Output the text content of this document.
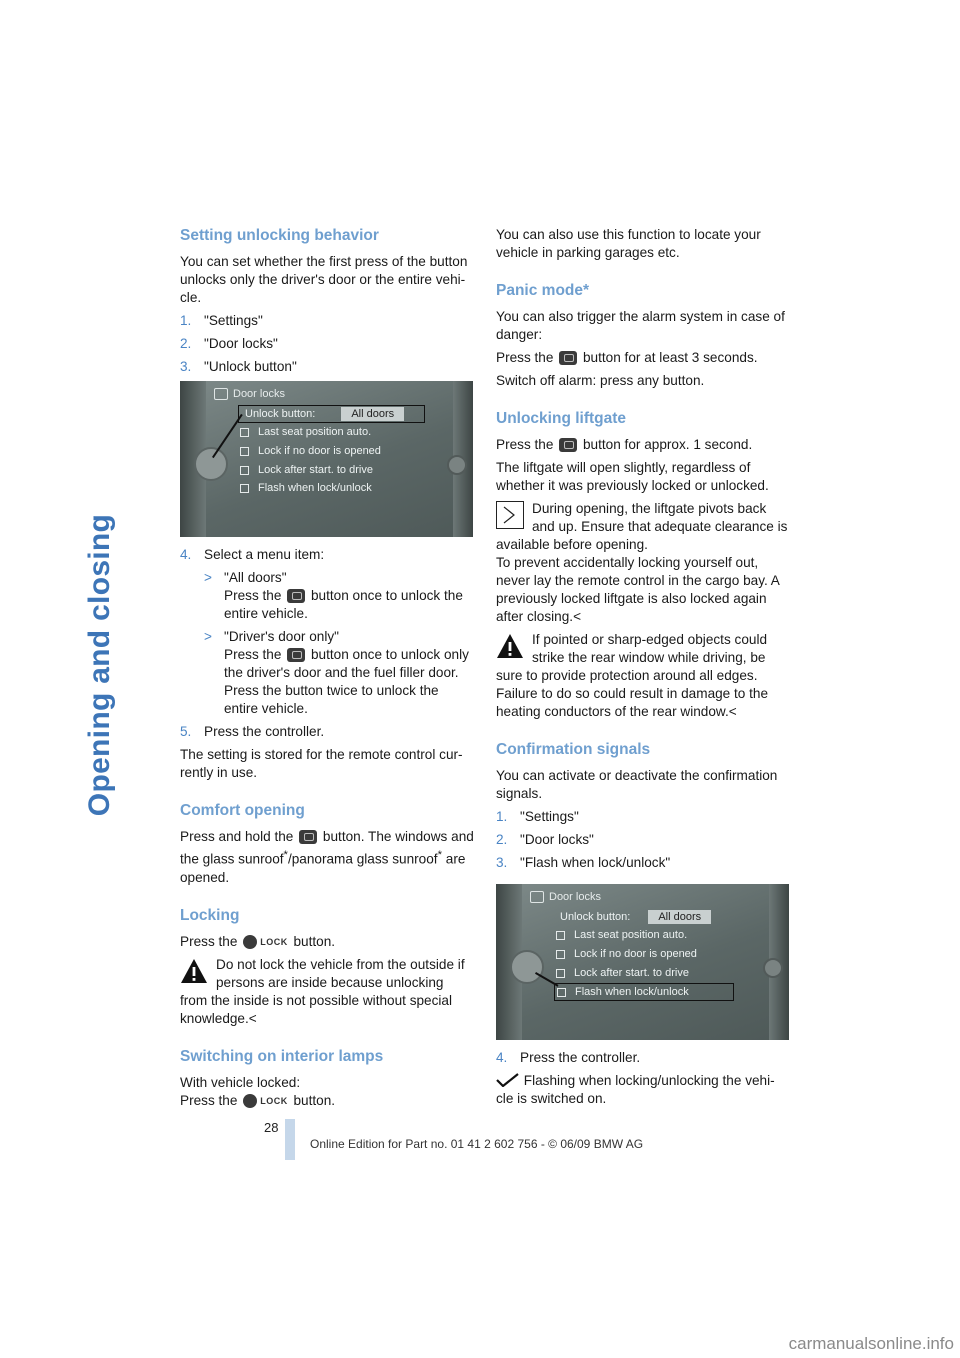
Opening and closing
Setting unlocking behavior

You can set whether the first press of the button unlocks only the driver's door or the entire vehi-cle.

1. "Settings"
2. "Door locks"
3. "Unlock button"
Door locks
Unlock button:	All doors
Last seat position auto.
Lock if no door is opened
Lock after start. to drive
Flash when lock/unlock
4. Select a menu item:
> "All doors"
Press the button once to unlock the entire vehicle.
> "Driver's door only"
Press the button once to unlock only the driver's door and the fuel filler door. Press the button twice to unlock the entire vehicle.
5. Press the controller.

The setting is stored for the remote control cur-rently in use.

Comfort opening

Press and hold the button. The windows and the glass sunroof*/panorama glass sunroof* are opened.

Locking

Press the	LOCK button.

Do not lock the vehicle from the outside if persons are inside because unlocking
from the inside is not possible without special knowledge.<
Switching on interior lamps

With vehicle locked:
Press the	LOCK button.

You can also use this function to locate your vehicle in parking garages etc.

Panic mode*

You can also trigger the alarm system in case of danger:

Press the button for at least 3 seconds.

Switch off alarm: press any button.

Unlocking liftgate

Press the button for approx. 1 second.

The liftgate will open slightly, regardless of whether it was previously locked or unlocked.

During opening, the liftgate pivots back and up. Ensure that adequate clearance is
available before opening.
To prevent accidentally locking yourself out, never lay the remote control in the cargo bay. A previously locked liftgate is also locked again after closing.<
If pointed or sharp-edged objects could strike the rear window while driving, be
sure to provide protection around all edges. Failure to do so could result in damage to the heating conductors of the rear window.<
Confirmation signals

You can activate or deactivate the confirmation signals.

1. "Settings"
2. "Door locks"
3. "Flash when lock/unlock"
Door locks
Unlock button:	All doors
Last seat position auto.
Lock if no door is opened
Lock after start. to drive
Flash when lock/unlock
4. Press the controller.

Flashing when locking/unlocking the vehi-cle is switched on.

28
Online Edition for Part no. 01 41 2 602 756 - © 06/09 BMW AG
carmanualsonline.info
